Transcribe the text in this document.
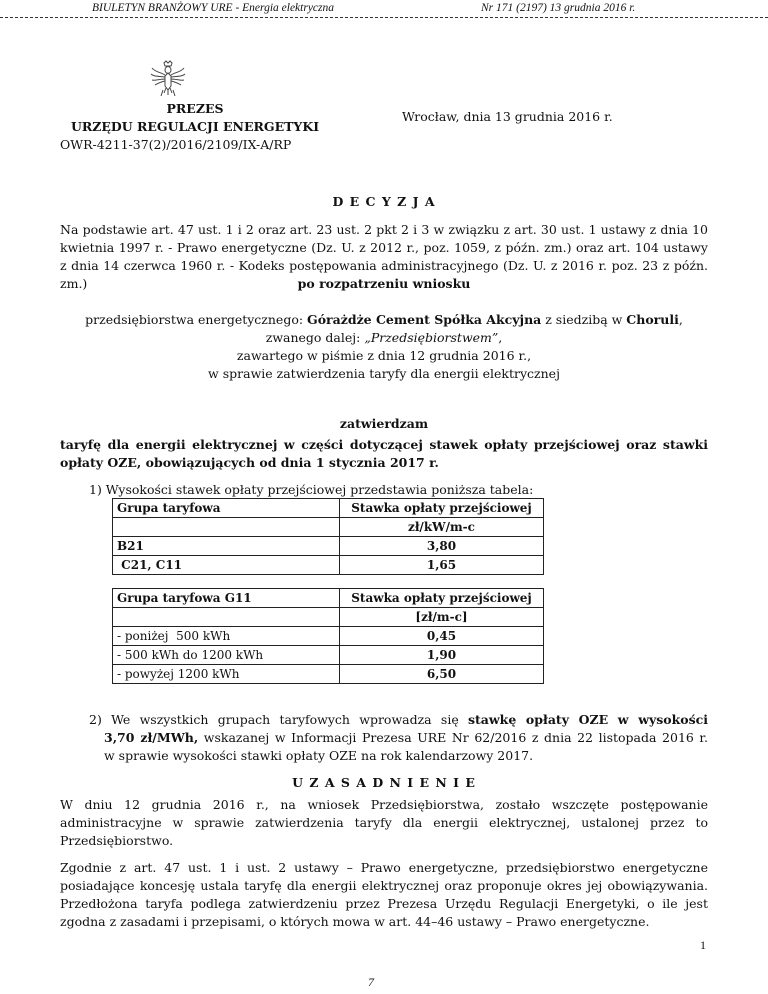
BIULETYN BRANŻOWY URE - Energia elektryczna	Nr 171 (2197) 13 grudnia 2016 r.
PREZES
URZĘDU REGULACJI ENERGETYKI
OWR-4211-37(2)/2016/2109/IX-A/RP
Wrocław, dnia 13 grudnia 2016 r.
D E C Y Z J A
Na podstawie art. 47 ust. 1 i 2 oraz art. 23 ust. 2 pkt 2 i 3 w związku z art. 30 ust. 1 ustawy z dnia 10 kwietnia 1997 r. - Prawo energetyczne (Dz. U. z 2012 r., poz. 1059, z późn. zm.) oraz art. 104 ustawy z dnia 14 czerwca 1960 r. - Kodeks postępowania administracyjnego (Dz. U. z 2016 r. poz. 23 z późn. zm.)	po rozpatrzeniu wniosku
przedsiębiorstwa energetycznego: Górażdże Cement Spółka Akcyjna z siedzibą w Choruli,
zwanego dalej: „Przedsiębiorstwem”,
zawartego w piśmie z dnia 12 grudnia 2016 r.,
w sprawie zatwierdzenia taryfy dla energii elektrycznej
zatwierdzam
taryfę dla energii elektrycznej w części dotyczącej stawek opłaty przejściowej oraz stawki opłaty OZE, obowiązujących od dnia 1 stycznia 2017 r.
1) Wysokości stawek opłaty przejściowej przedstawia poniższa tabela:
Grupa taryfowa	Stawka opłaty przejściowej
	zł/kW/m-c
B21	3,80
C21, C11	1,65
Grupa taryfowa G11	Stawka opłaty przejściowej
	[zł/m-c]
- poniżej  500 kWh	0,45
- 500 kWh do 1200 kWh	1,90
- powyżej 1200 kWh	6,50
2) We wszystkich grupach taryfowych wprowadza się stawkę opłaty OZE w wysokości
3,70 zł/MWh, wskazanej w Informacji Prezesa URE Nr 62/2016 z dnia 22 listopada 2016 r.
w sprawie wysokości stawki opłaty OZE na rok kalendarzowy 2017.
U Z A S A D N I E N I E
W dniu 12 grudnia 2016 r., na wniosek Przedsiębiorstwa, zostało wszczęte postępowanie administracyjne w sprawie zatwierdzenia taryfy dla energii elektrycznej, ustalonej przez to Przedsiębiorstwo.
Zgodnie z art. 47 ust. 1 i ust. 2 ustawy – Prawo energetyczne, przedsiębiorstwo energetyczne posiadające koncesję ustala taryfę dla energii elektrycznej oraz proponuje okres jej obowiązywania. Przedłożona taryfa podlega zatwierdzeniu przez Prezesa Urzędu Regulacji Energetyki, o ile jest zgodna z zasadami i przepisami, o których mowa w art. 44–46 ustawy – Prawo energetyczne.
1
7
